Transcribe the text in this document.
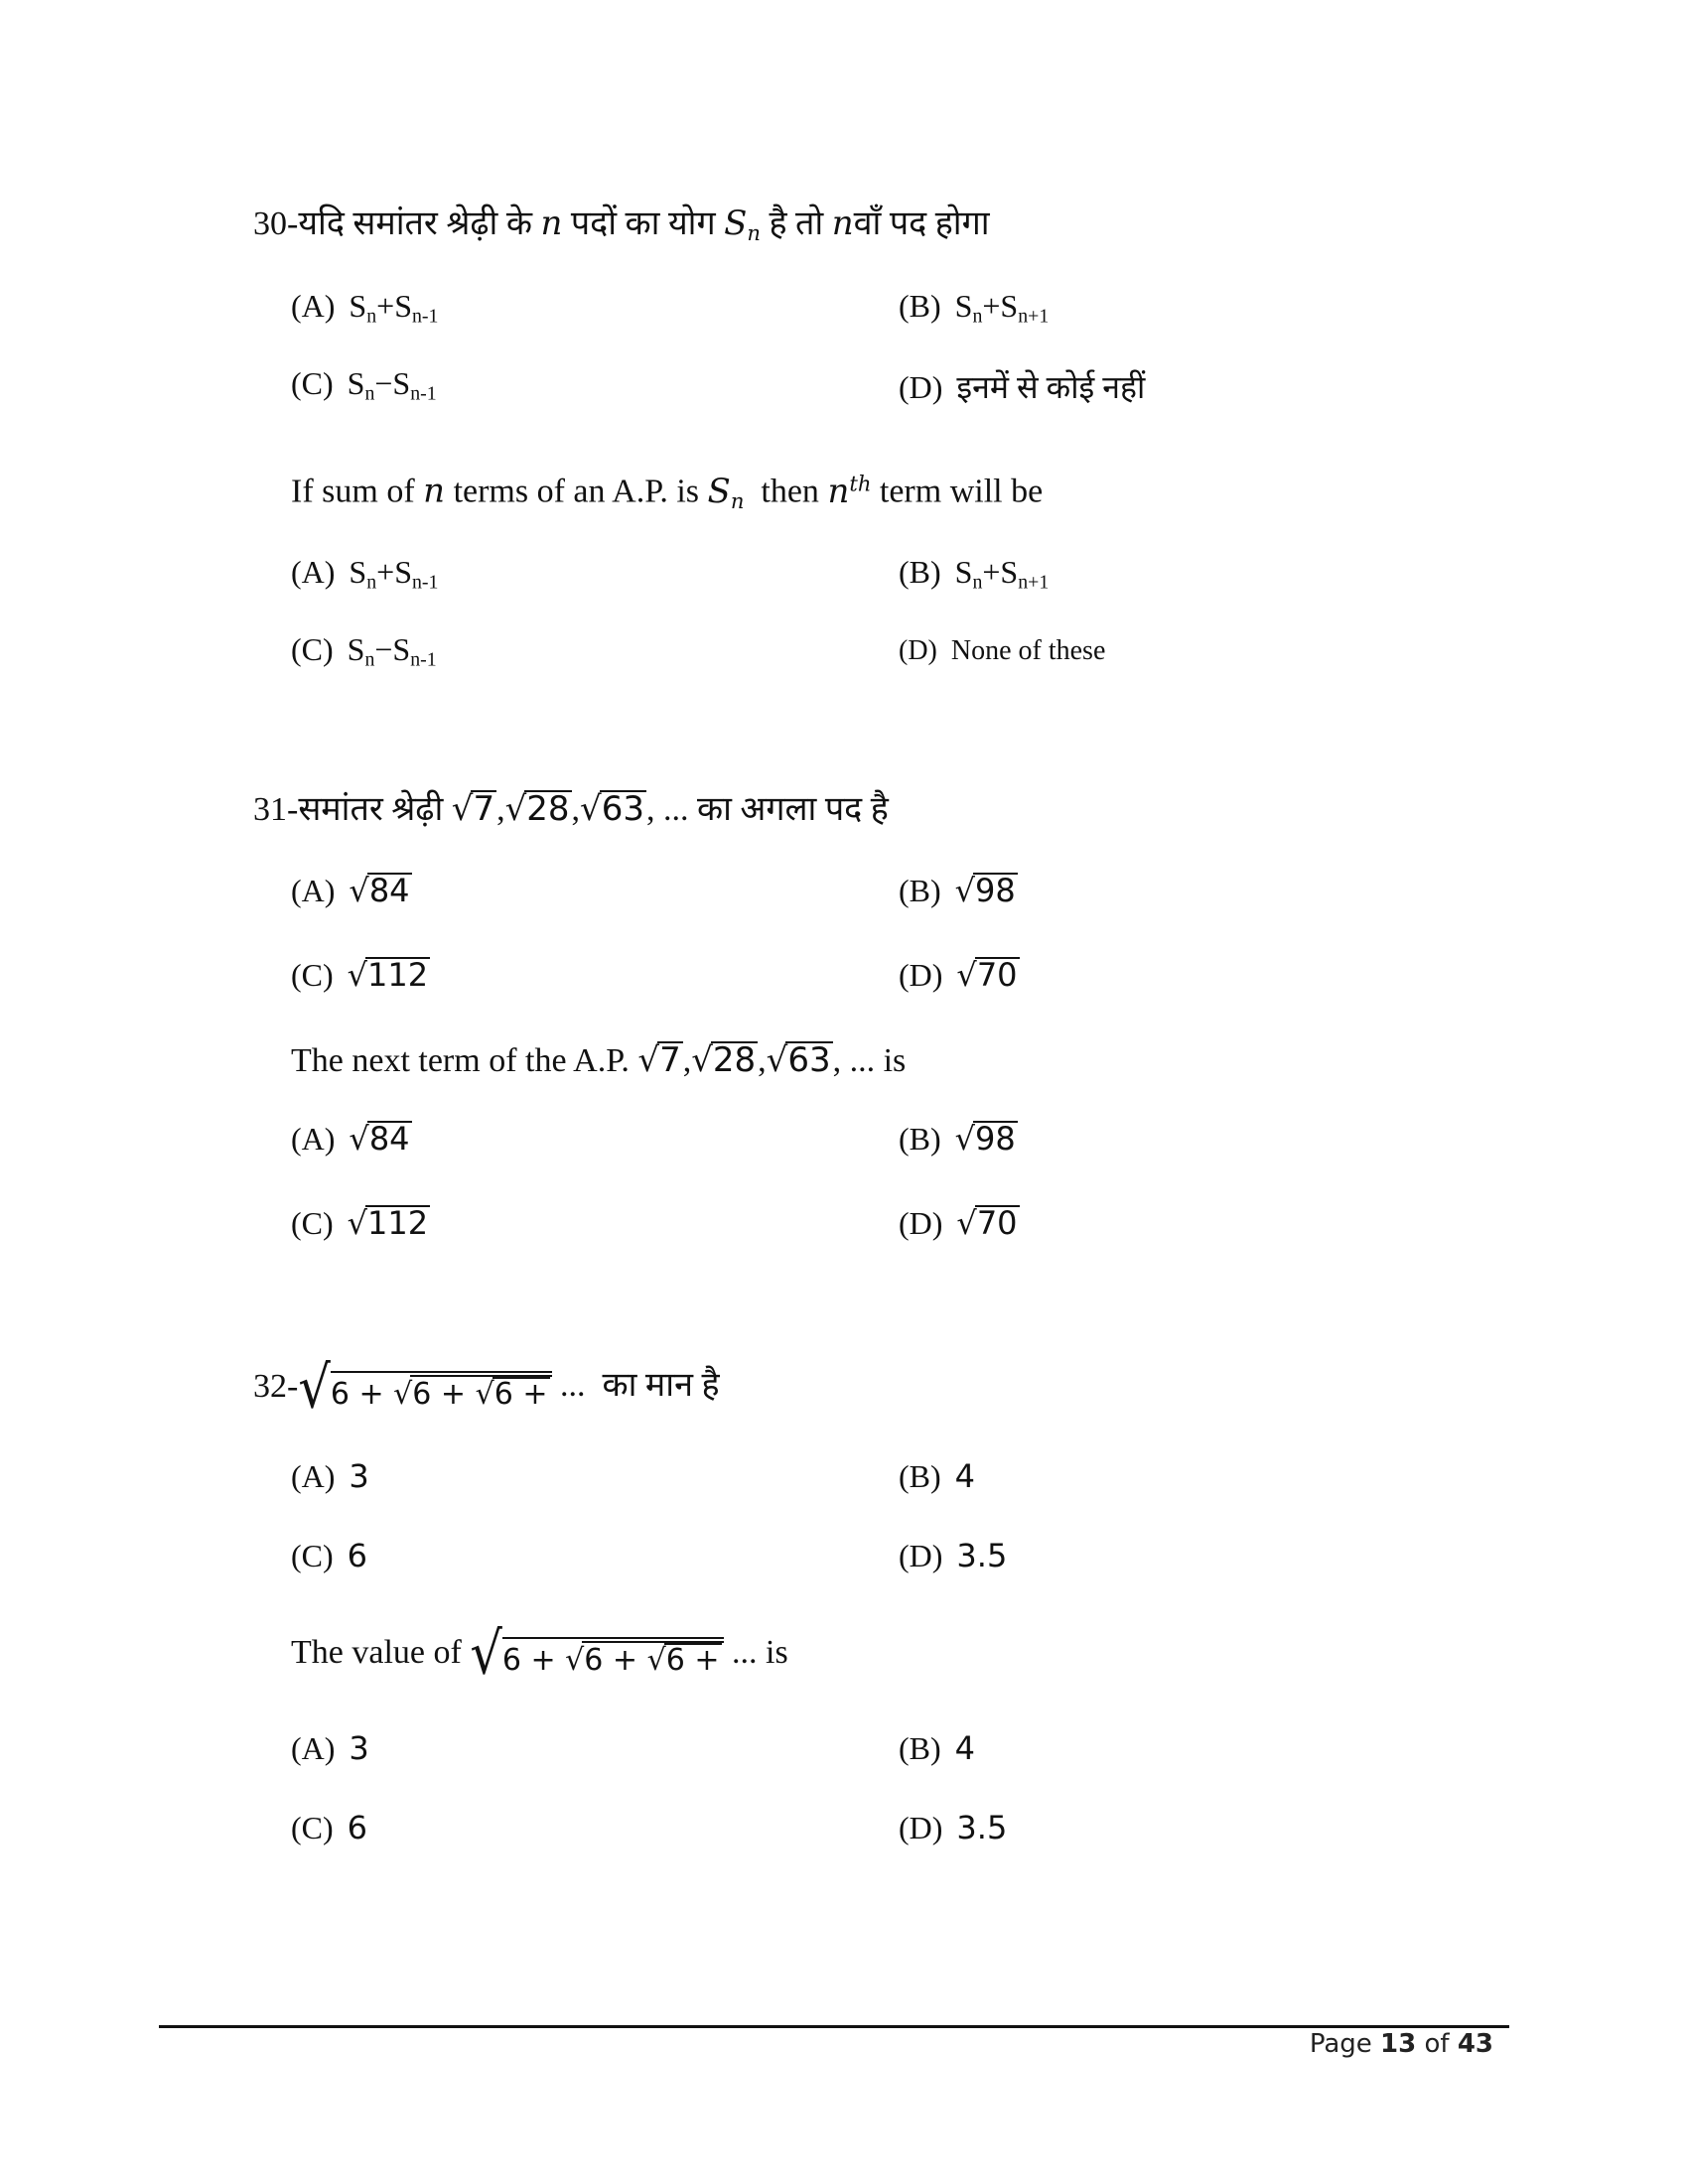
30-यदि समांतर श्रेढ़ी के n पदों का योग $S_n$ है तो nवाँ पद होगा
(A) $S_n+S_{n-1}$	(B) $S_n+S_{n+1}$
(C) $S_n-S_{n-1}$	(D) इनमें से कोई नहीं
If sum of n terms of an A.P. is $S_n$ then $n^{th}$ term will be
(A) $S_n+S_{n-1}$	(B) $S_n+S_{n+1}$
(C) $S_n-S_{n-1}$	(D) None of these
31-समांतर श्रेढ़ी √7,√28,√63, ... का अगला पद है
(A) √84	(B) √98
(C) √112	(D) √70
The next term of the A.P. √7,√28,√63, ... is
(A) √84	(B) √98
(C) √112	(D) √70
32- √ 6 + √6 + √6 + ... का मान है
(A) 3	(B) 4
(C) 6	(D) 3.5
The value of
√ 6 + √6 + √6 + ... is
(A) 3	(B) 4
(C) 6	(D) 3.5
Page 13 of 43
